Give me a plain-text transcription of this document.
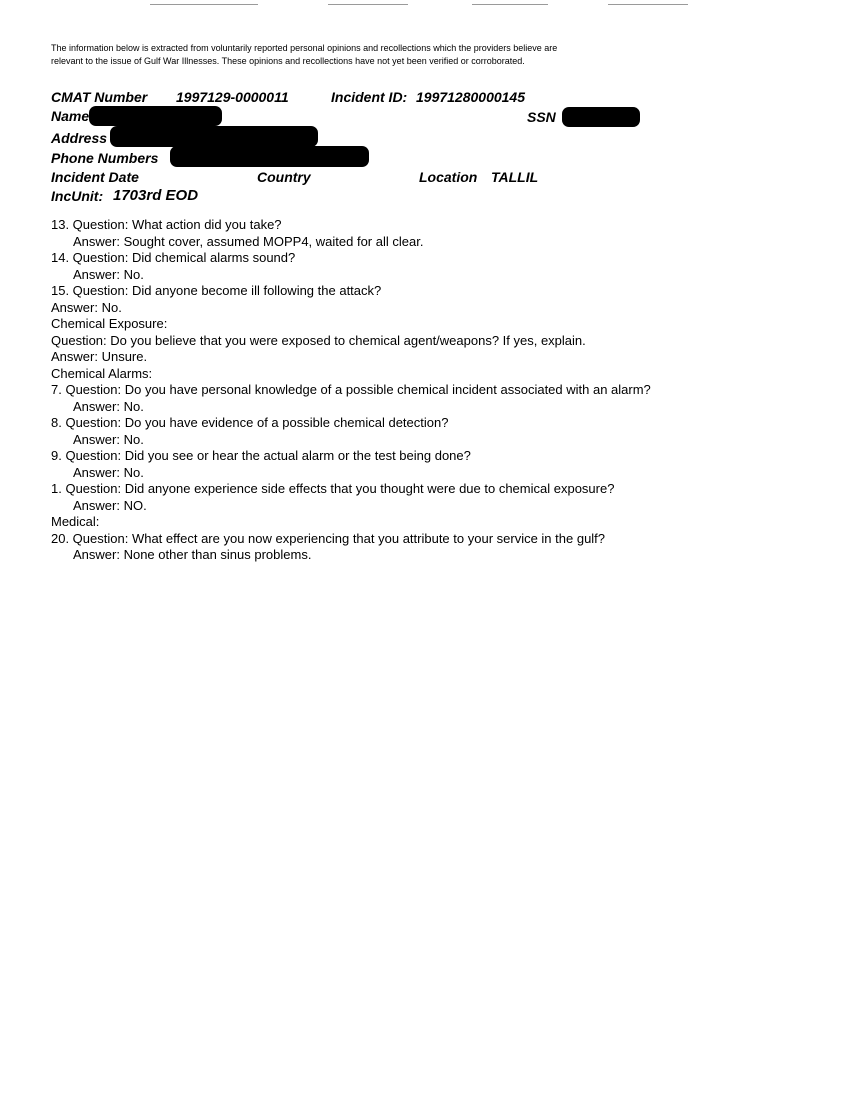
The information below is extracted from voluntarily reported personal opinions and recollections which the providers believe are relevant to the issue of Gulf War Illnesses. These opinions and recollections have not yet been verified or corroborated.
CMAT Number 1997129-0000011	Incident ID: 19971280000145
Name	SSN
Address
Phone Numbers
Incident Date	Country	Location TALLIL
IncUnit: 1703rd EOD
13. Question: What action did you take?
Answer: Sought cover, assumed MOPP4, waited for all clear.
14. Question: Did chemical alarms sound?
Answer: No.
15. Question: Did anyone become ill following the attack?
Answer: No.
Chemical Exposure:
Question: Do you believe that you were exposed to chemical agent/weapons? If yes, explain.
Answer: Unsure.
Chemical Alarms:
7. Question: Do you have personal knowledge of a possible chemical incident associated with an alarm?
Answer: No.
8. Question: Do you have evidence of a possible chemical detection?
Answer: No.
9. Question: Did you see or hear the actual alarm or the test being done?
Answer: No.
1. Question: Did anyone experience side effects that you thought were due to chemical exposure?
Answer: NO.
Medical:
20. Question: What effect are you now experiencing that you attribute to your service in the gulf?
Answer: None other than sinus problems.
